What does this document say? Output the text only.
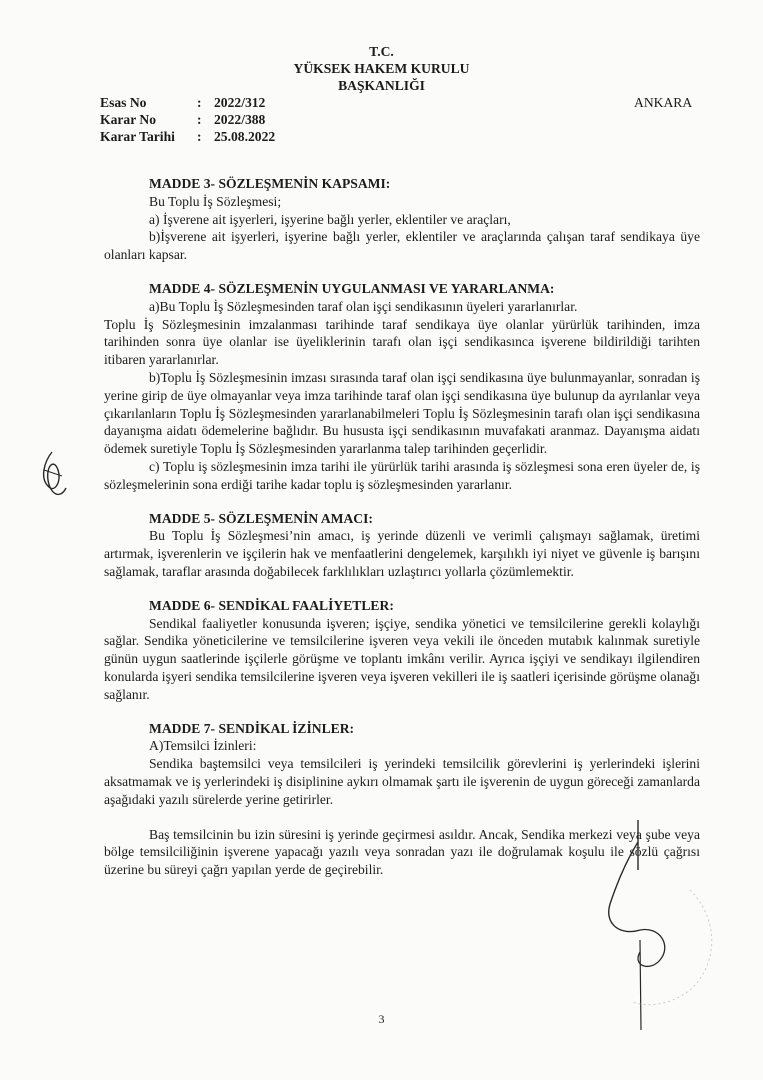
T.C.
YÜKSEK HAKEM KURULU
BAŞKANLIĞI
Esas No	: 2022/312
Karar No	: 2022/388
Karar Tarihi	: 25.08.2022
ANKARA
MADDE 3- SÖZLEŞMENİN KAPSAMI:

Bu Toplu İş Sözleşmesi;

a) İşverene ait işyerleri, işyerine bağlı yerler, eklentiler ve araçları,

b)İşverene ait işyerleri, işyerine bağlı yerler, eklentiler ve araçlarında çalışan taraf sendikaya üye olanları kapsar.

MADDE 4- SÖZLEŞMENİN UYGULANMASI VE YARARLANMA:

a)Bu Toplu İş Sözleşmesinden taraf olan işçi sendikasının üyeleri yararlanırlar.

Toplu İş Sözleşmesinin imzalanması tarihinde taraf sendikaya üye olanlar yürürlük tarihinden, imza tarihinden sonra üye olanlar ise üyeliklerinin tarafı olan işçi sendikasınca işverene bildirildiği tarihten itibaren yararlanırlar.

b)Toplu İş Sözleşmesinin imzası sırasında taraf olan işçi sendikasına üye bulunmayanlar, sonradan iş yerine girip de üye olmayanlar veya imza tarihinde taraf olan işçi sendikasına üye bulunup da ayrılanlar veya çıkarılanların Toplu İş Sözleşmesinden yararlanabilmeleri Toplu İş Sözleşmesinin tarafı olan işçi sendikasına dayanışma aidatı ödemelerine bağlıdır. Bu hususta işçi sendikasının muvafakati aranmaz. Dayanışma aidatı ödemek suretiyle Toplu İş Sözleşmesinden yararlanma talep tarihinden geçerlidir.

c) Toplu iş sözleşmesinin imza tarihi ile yürürlük tarihi arasında iş sözleşmesi sona eren üyeler de, iş sözleşmelerinin sona erdiği tarihe kadar toplu iş sözleşmesinden yararlanır.

MADDE 5- SÖZLEŞMENİN AMACI:

Bu Toplu İş Sözleşmesi’nin amacı, iş yerinde düzenli ve verimli çalışmayı sağlamak, üretimi artırmak, işverenlerin ve işçilerin hak ve menfaatlerini dengelemek, karşılıklı iyi niyet ve güvenle iş barışını sağlamak, taraflar arasında doğabilecek farklılıkları uzlaştırıcı yollarla çözümlemektir.

MADDE 6- SENDİKAL FAALİYETLER:

Sendikal faaliyetler konusunda işveren; işçiye, sendika yönetici ve temsilcilerine gerekli kolaylığı sağlar. Sendika yöneticilerine ve temsilcilerine işveren veya vekili ile önceden mutabık kalınmak suretiyle günün uygun saatlerinde işçilerle görüşme ve toplantı imkânı verilir. Ayrıca işçiyi ve sendikayı ilgilendiren konularda işyeri sendika temsilcilerine işveren veya işveren vekilleri ile iş saatleri içerisinde görüşme olanağı sağlanır.

MADDE 7- SENDİKAL İZİNLER:

A)Temsilci İzinleri:

Sendika baştemsilci veya temsilcileri iş yerindeki temsilcilik görevlerini iş yerlerindeki işlerini aksatmamak ve iş yerlerindeki iş disiplinine aykırı olmamak şartı ile işverenin de uygun göreceği zamanlarda aşağıdaki yazılı sürelerde yerine getirirler.

Baş temsilcinin bu izin süresini iş yerinde geçirmesi asıldır. Ancak, Sendika merkezi veya şube veya bölge temsilciliğinin işverene yapacağı yazılı veya sonradan yazı ile doğrulamak koşulu ile sözlü çağrısı üzerine bu süreyi çağrı yapılan yerde de geçirebilir.

3
